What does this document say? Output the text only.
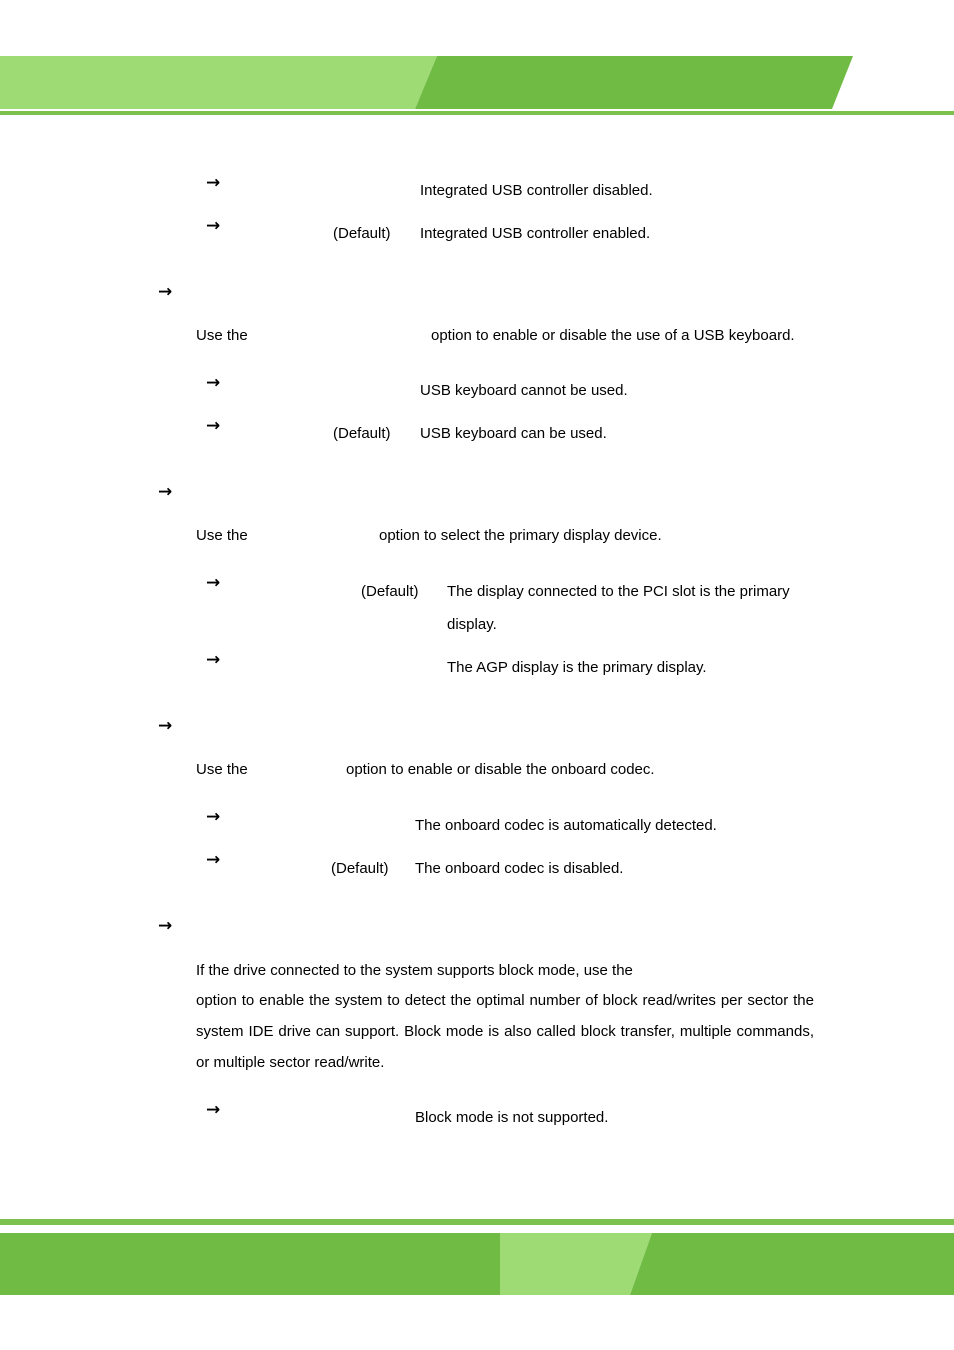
→	Integrated USB controller disabled.
→	(Default) Integrated USB controller enabled.
→
Use the	option to enable or disable the use of a USB keyboard.
→	USB keyboard cannot be used.
→	(Default) USB keyboard can be used.
→
Use the	option to select the primary display device.
→	(Default) The display connected to the PCI slot is the primary
display.
→	The AGP display is the primary display.
→
Use the	option to enable or disable the onboard codec.
→	The onboard codec is automatically detected.
→	(Default) The onboard codec is disabled.
→
If the drive connected to the system supports block mode, use the
option to enable the system to detect the optimal number of block read/writes per sector the system IDE drive can support. Block mode is also called block transfer, multiple commands, or multiple sector read/write.
→	Block mode is not supported.
